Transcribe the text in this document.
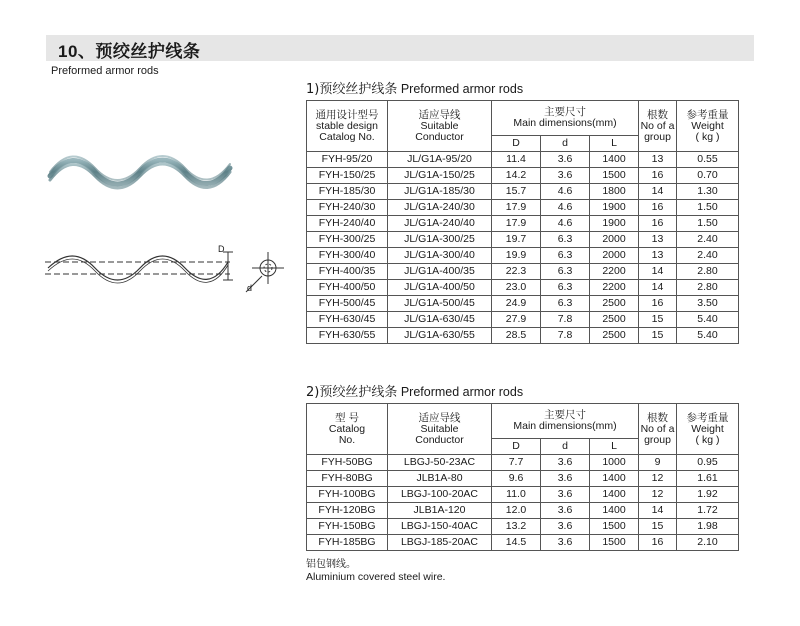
10、预绞丝护线条
Preformed armor rods
D
d
1)预绞丝护线条 Preformed armor rods
通用设计型号
stable design
Catalog No.	适应导线
Suitable
Conductor	主要尺寸
Main dimensions(mm)			根数
No of a
group	参考重量
Weight
( kg )

		D	d	L		
FYH-95/20	JL/G1A-95/20	11.4	3.6	1400	13	0.55
FYH-150/25	JL/G1A-150/25	14.2	3.6	1500	16	0.70
FYH-185/30	JL/G1A-185/30	15.7	4.6	1800	14	1.30
FYH-240/30	JL/G1A-240/30	17.9	4.6	1900	16	1.50
FYH-240/40	JL/G1A-240/40	17.9	4.6	1900	16	1.50
FYH-300/25	JL/G1A-300/25	19.7	6.3	2000	13	2.40
FYH-300/40	JL/G1A-300/40	19.9	6.3	2000	13	2.40
FYH-400/35	JL/G1A-400/35	22.3	6.3	2200	14	2.80
FYH-400/50	JL/G1A-400/50	23.0	6.3	2200	14	2.80
FYH-500/45	JL/G1A-500/45	24.9	6.3	2500	16	3.50
FYH-630/45	JL/G1A-630/45	27.9	7.8	2500	15	5.40
FYH-630/55	JL/G1A-630/55	28.5	7.8	2500	15	5.40
2)预绞丝护线条 Preformed armor rods
型 号
Catalog
No.	适应导线
Suitable
Conductor	主要尺寸
Main dimensions(mm)			根数
No of a
group	参考重量
Weight
( kg )

		D	d	L		
FYH-50BG	LBGJ-50-23AC	7.7	3.6	1000	9	0.95
FYH-80BG	JLB1A-80	9.6	3.6	1400	12	1.61
FYH-100BG	LBGJ-100-20AC	11.0	3.6	1400	12	1.92
FYH-120BG	JLB1A-120	12.0	3.6	1400	14	1.72
FYH-150BG	LBGJ-150-40AC	13.2	3.6	1500	15	1.98
FYH-185BG	LBGJ-185-20AC	14.5	3.6	1500	16	2.10
铝包钢线。
Aluminium covered steel wire.
